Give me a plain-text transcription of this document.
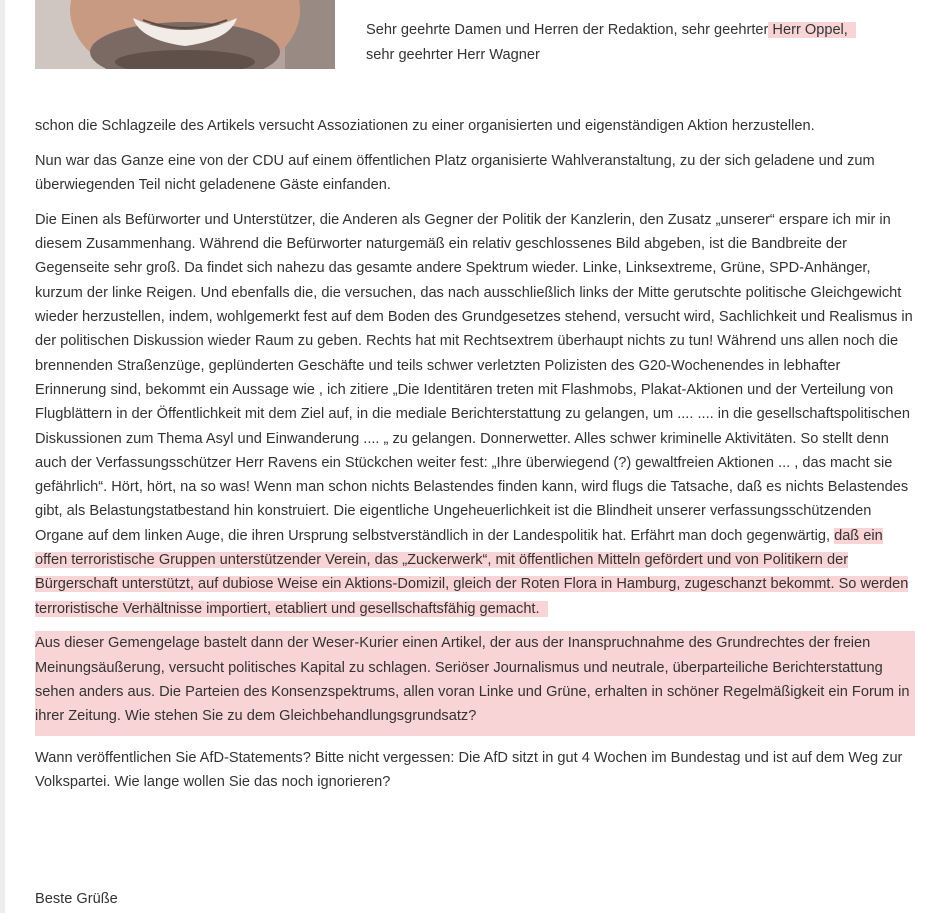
Sehr geehrte Damen und Herren der Redaktion, sehr geehrter Herr Oppel,

sehr geehrter Herr Wagner

schon die Schlagzeile des Artikels versucht Assoziationen zu einer organisierten und eigenständigen Aktion herzustellen.

Nun war das Ganze eine von der CDU auf einem öffentlichen Platz organisierte Wahlveranstaltung, zu der sich geladene und zum überwiegenden Teil nicht geladenene Gäste einfanden.

Die Einen als Befürworter und Unterstützer, die Anderen als Gegner der Politik der Kanzlerin, den Zusatz „unserer“ erspare ich mir in diesem Zusammenhang. Während die Befürworter naturgemäß ein relativ geschlossenes Bild abgeben, ist die Bandbreite der Gegenseite sehr groß. Da findet sich nahezu das gesamte andere Spektrum wieder. Linke, Linksextreme, Grüne, SPD-Anhänger, kurzum der linke Reigen. Und ebenfalls die, die versuchen, das nach ausschließlich links der Mitte gerutschte politische Gleichgewicht wieder herzustellen, indem, wohlgemerkt fest auf dem Boden des Grundgesetzes stehend, versucht wird, Sachlichkeit und Realismus in der politischen Diskussion wieder Raum zu geben. Rechts hat mit Rechtsextrem überhaupt nichts zu tun! Während uns allen noch die brennenden Straßenzüge, geplünderten Geschäfte und teils schwer verletzten Polizisten des G20-Wochenendes in lebhafter Erinnerung sind, bekommt ein Aussage wie , ich zitiere „Die Identitären treten mit Flashmobs, Plakat-Aktionen und der Verteilung von Flugblättern in der Öffentlichkeit mit dem Ziel auf, in die mediale Berichterstattung zu gelangen, um .... .... in die gesellschaftspolitischen Diskussionen zum Thema Asyl und Einwanderung .... „ zu gelangen. Donnerwetter. Alles schwer kriminelle Aktivitäten. So stellt denn auch der Verfassungsschützer Herr Ravens ein Stückchen weiter fest: „Ihre überwiegend (?) gewaltfreien Aktionen ... , das macht sie gefährlich“. Hört, hört, na so was! Wenn man schon nichts Belastendes finden kann, wird flugs die Tatsache, daß es nichts Belastendes gibt, als Belastungstatbestand hin konstruiert. Die eigentliche Ungeheuerlichkeit ist die Blindheit unserer verfassungsschützenden Organe auf dem linken Auge, die ihren Ursprung selbstverständlich in der Landespolitik hat. Erfährt man doch gegenwärtig, daß ein offen terroristische Gruppen unterstützender Verein, das „Zuckerwerk“, mit öffentlichen Mitteln gefördert und von Politikern der Bürgerschaft unterstützt, auf dubiose Weise ein Aktions-Domizil, gleich der Roten Flora in Hamburg, zugeschanzt bekommt. So werden terroristische Verhältnisse importiert, etabliert und gesellschaftsfähig gemacht.

Aus dieser Gemengelage bastelt dann der Weser-Kurier einen Artikel, der aus der Inanspruchnahme des Grundrechtes der freien Meinungsäußerung, versucht politisches Kapital zu schlagen. Seriöser Journalismus und neutrale, überparteiliche Berichterstattung sehen anders aus. Die Parteien des Konsenzspektrums, allen voran Linke und Grüne, erhalten in schöner Regelmäßigkeit ein Forum in ihrer Zeitung. Wie stehen Sie zu dem Gleichbehandlungsgrundsatz?

Wann veröffentlichen Sie AfD-Statements? Bitte nicht vergessen: Die AfD sitzt in gut 4 Wochen im Bundestag und ist auf dem Weg zur Volkspartei. Wie lange wollen Sie das noch ignorieren?

Beste Grüße
